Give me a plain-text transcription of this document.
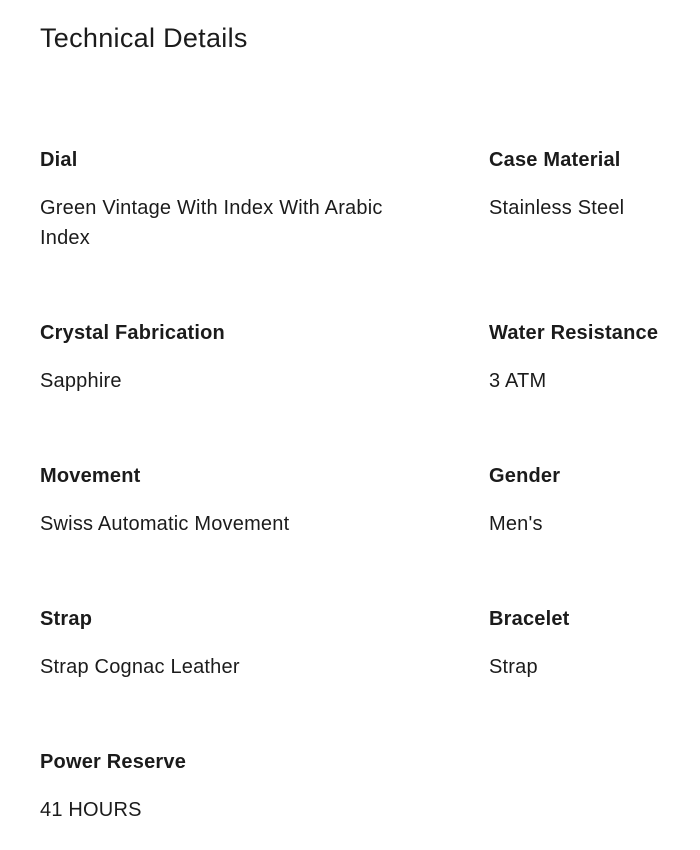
Technical Details
Dial
Green Vintage With Index With Arabic Index
Case Material
Stainless Steel
Crystal Fabrication
Sapphire
Water Resistance
3 ATM
Movement
Swiss Automatic Movement
Gender
Men's
Strap
Strap Cognac Leather
Bracelet
Strap
Power Reserve
41 HOURS
